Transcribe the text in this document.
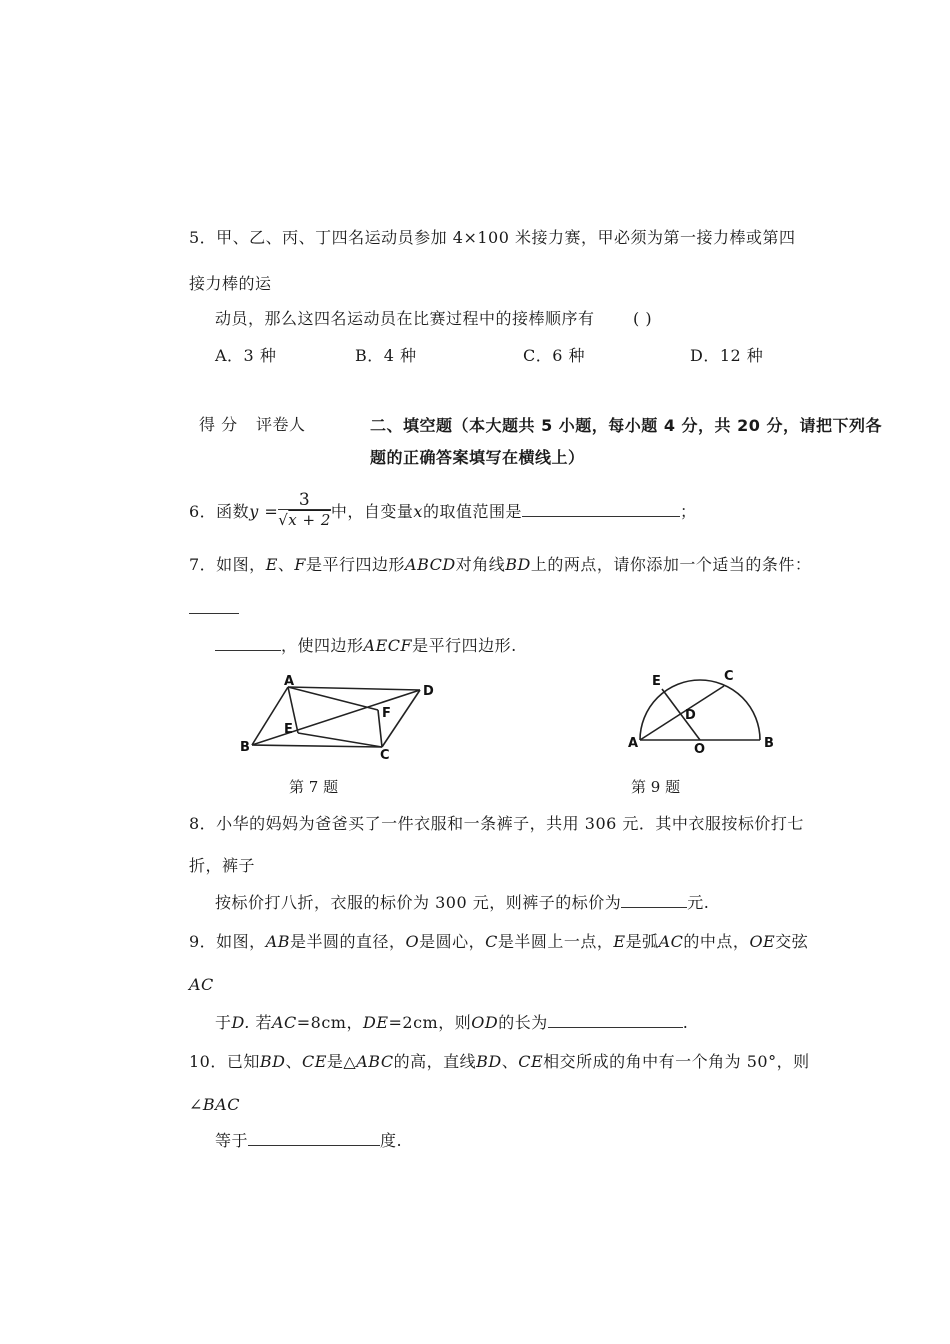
5．甲、乙、丙、丁四名运动员参加 4×100 米接力赛，甲必须为第一接力棒或第四
接力棒的运
动员，那么这四名运动员在比赛过程中的接棒顺序有 ( )
A．3 种	B．4 种	C．6 种	D．12 种
得 分 评卷人	二、填空题（本大题共 5 小题，每小题 4 分，共 20 分，请把下列各
题的正确答案填写在横线上）
6．函数$y = \frac{3}{√x + 2}$ 中，自变量x的取值范围是	；
7．如图，E、F是平行四边形ABCD对角线BD上的两点，请你添加一个适当的条件：
，使四边形AECF是平行四边形.
A
B
C
D
E
F
A	B
C
D
E
O
第 7 题	第 9 题
8．小华的妈妈为爸爸买了一件衣服和一条裤子，共用 306 元．其中衣服按标价打七
折，裤子
按标价打八折，衣服的标价为 300 元，则裤子的标价为	元.
9．如图，AB是半圆的直径，O是圆心，C是半圆上一点，E是弧AC的中点，OE交弦
AC
于D. 若AC=8cm，DE=2cm，则OD的长为	.
10．已知BD、CE是△ABC的高，直线BD、CE相交所成的角中有一个角为 50°，则
∠BAC
等于	度.
